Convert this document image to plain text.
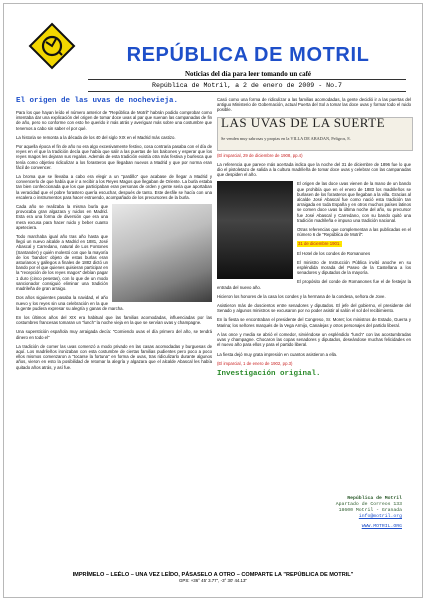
REPÚBLICA DE MOTRIL
Noticias del día para leer tomando un café
República de Motril, a 2 de enero de 2009 - No.7

El origen de las uvas de nochevieja.

Para los que hayan leído el número anterior de "República de Motril" habrán podido comprobar como intentaba dar una explicación del origen de tomar doce uvas al par que suenan las campanadas de fin de año, pero no conforme con esto he querido ir más atrás y averiguar más sobre una costumbre que tenemos a cabo sin saber el por qué.

La historia se remonta a la década de los 40 del siglo XIX en el Madrid más castizo.

Por aquella época el fin de año no era algo excesivamente festivo, cosa contraria pasaba con el día de reyes en el que la tradición decía que había que salir a las puertas de los balcones y esperar que los reyes magos les dejaran sus regalos. Además de esta tradición existía otra más festiva y burlesca que tenía como objetivo ridiculizar a los forasteros que llegaban nuevos a Madrid y que por norma eran fácil de convencer.

La broma que se llevaba a cabo era elegir a un "pardillo" que acabase de llegar a Madrid y convencerlo de que había que ir a recibir a los Reyes Magos que llegaban de Oriente. La burla estaba tan bien confeccionada que los que participaban eran personas de orden y gente seria que aportaban la veracidad que el pobre forastero quería escuchar, después de tanto. Este desfile se hacía con una escalera o instrumentos para hacer estruendo, acompañado de los precursores de la burla.

Cada año se realizaba la misma burla que provocaba gran algazara y ruidos en Madrid. Esta era una forma de diversión que era una mera excusa para hacer ruido y beber cuanto apeteciera.

Todo marchaba igual año tras año hasta que llegó un nuevo alcalde a Madrid en 1881, José Abascal y Carredano, natural de Los Fontones (Santander) y quién molestó con que la mayoría de los 'bandos' objeto de estas burlas eran asturianos y gallegos a finales de 1882 dictó un bando por el que quienes quisieran participar en la "recepción de los reyes magos" debían pagar 1 duro (cinco pesetas), con lo que de un modo sancionador consiguió eliminar una tradición madrileña de gran arraigo.

Dos años siguientes pasaba la navidad, el año nuevo y los reyes sin una celebración en la que la gente pudiera expresar su alegría y ganas de marcha.

En los últimos años del XIX era habitual que las familias acomodadas, influenciadas por las costumbres francesas tomaran un "lunch" la noche vieja en la que se servían uvas y champagne.

Una superstición española muy arraigada decía: "Comiendo uvas el día primero del año, se tendrá dinero en todo el"

La tradición de comer las uvas comenzó a modo privado en las casas acomodadas y burguesas de aquí. Los madrileños ironizaban con esta costumbre de ciertas familias pudientes pero poco a poco ellos mismos comenzaron a "tocarse la fortuna" en forma de uvas, tras ridiculizarlo durante algunos años, vieron en esto la posibilidad de retomar la alegría y algazara que el alcalde Abascal les había quitado años atrás, y así fue.

Casó como una forma de ridiculizar a las familias acomodadas, la gente decidió ir a las puertas del antiguo Ministerio de Gobernación, actual Puerta del Sol a tomar las doce uvas y formar todo el ruido posible.

LAS UVAS DE LA SUERTE
Se venden muy sabrosas y propias en la VILLA DE ABADAN, Peligros, 8.

(El imparcial, 29 de diciembre de 1908, pp.4)

La referencia que parece más acertada indica que la noche del 31 de diciembre de 1896 fue lo que dio el pistoletazo de salida a la cultura madrileña de tomar doce uvas y celebrar con las campanadas que despiden el año.

El origen de las doce uvas vienen de la mano de un bando que prohibía que en el enero de 1883 los madrileños se burlasen de los forasteros que llegaban a la villa. Gracias al alcalde José Abascal fue como nació esta tradición tan arraigada en toda España y en otros muchos países latinos se comen doce uvas la última noche del año, su precursor fue José Abascal y Carredano, con su bando quitó una tradición madrileña e impuso una tradición nacional.

Otras referencias que complementan a las publicadas en el número 6 de "República de Motril":

31 de diciembre 1901.

El Hotel de los condes de Romanones

El ministro de Instrucción Pública invitó anoche en su espléndida morada del Paseo de la Castellana a los senadores y diputados de la mayoría.

El propósito del conde de Romanones fue el de festejar la entrada del nuevo año.

Hicieron los honores de la casa los condes y la hermana de la condesa, señora de Jove.

Asistieron más de doscientos entre senadores y diputados. El jefe del gobierno, el presidente del Senado y algunos ministros se excusaron por no poder asistir al salón el sol del recibimiento.

En la fiesta se encontraban el presidente del Congreso, Sr. Moret; los ministros de Estado, Guerra y Marina; los señores marqués de la Vega Armijo, Canalejas y otros personajes del partido liberal.

A las once y media se abrió el comedor, sirviéndose un espléndido "lunch" con las acostumbradas uvas y champagne. Chocaron las copas senadores y diputados, deseándose muchas felicidades en el nuevo año para ellos y para el partido liberal.

La fiesta dejó muy grata impresión en cuantos asistieron a ella.

(El imparcial, 1 de enero de 1902, pp.3)

Investigación original.

República de Motril
Apartado de Correos 133
18600 Motril - Granada
info@motril.org
WWW.MOTRIL.ORG
IMPRÍMELO – LEÉLO – UNA VEZ LEÍDO, PÁSASELO A OTRO – COMPARTE LA "REPÚBLICA DE MOTRIL"
GPS: +36° 45' 3.77", -3° 30' 44.13"
